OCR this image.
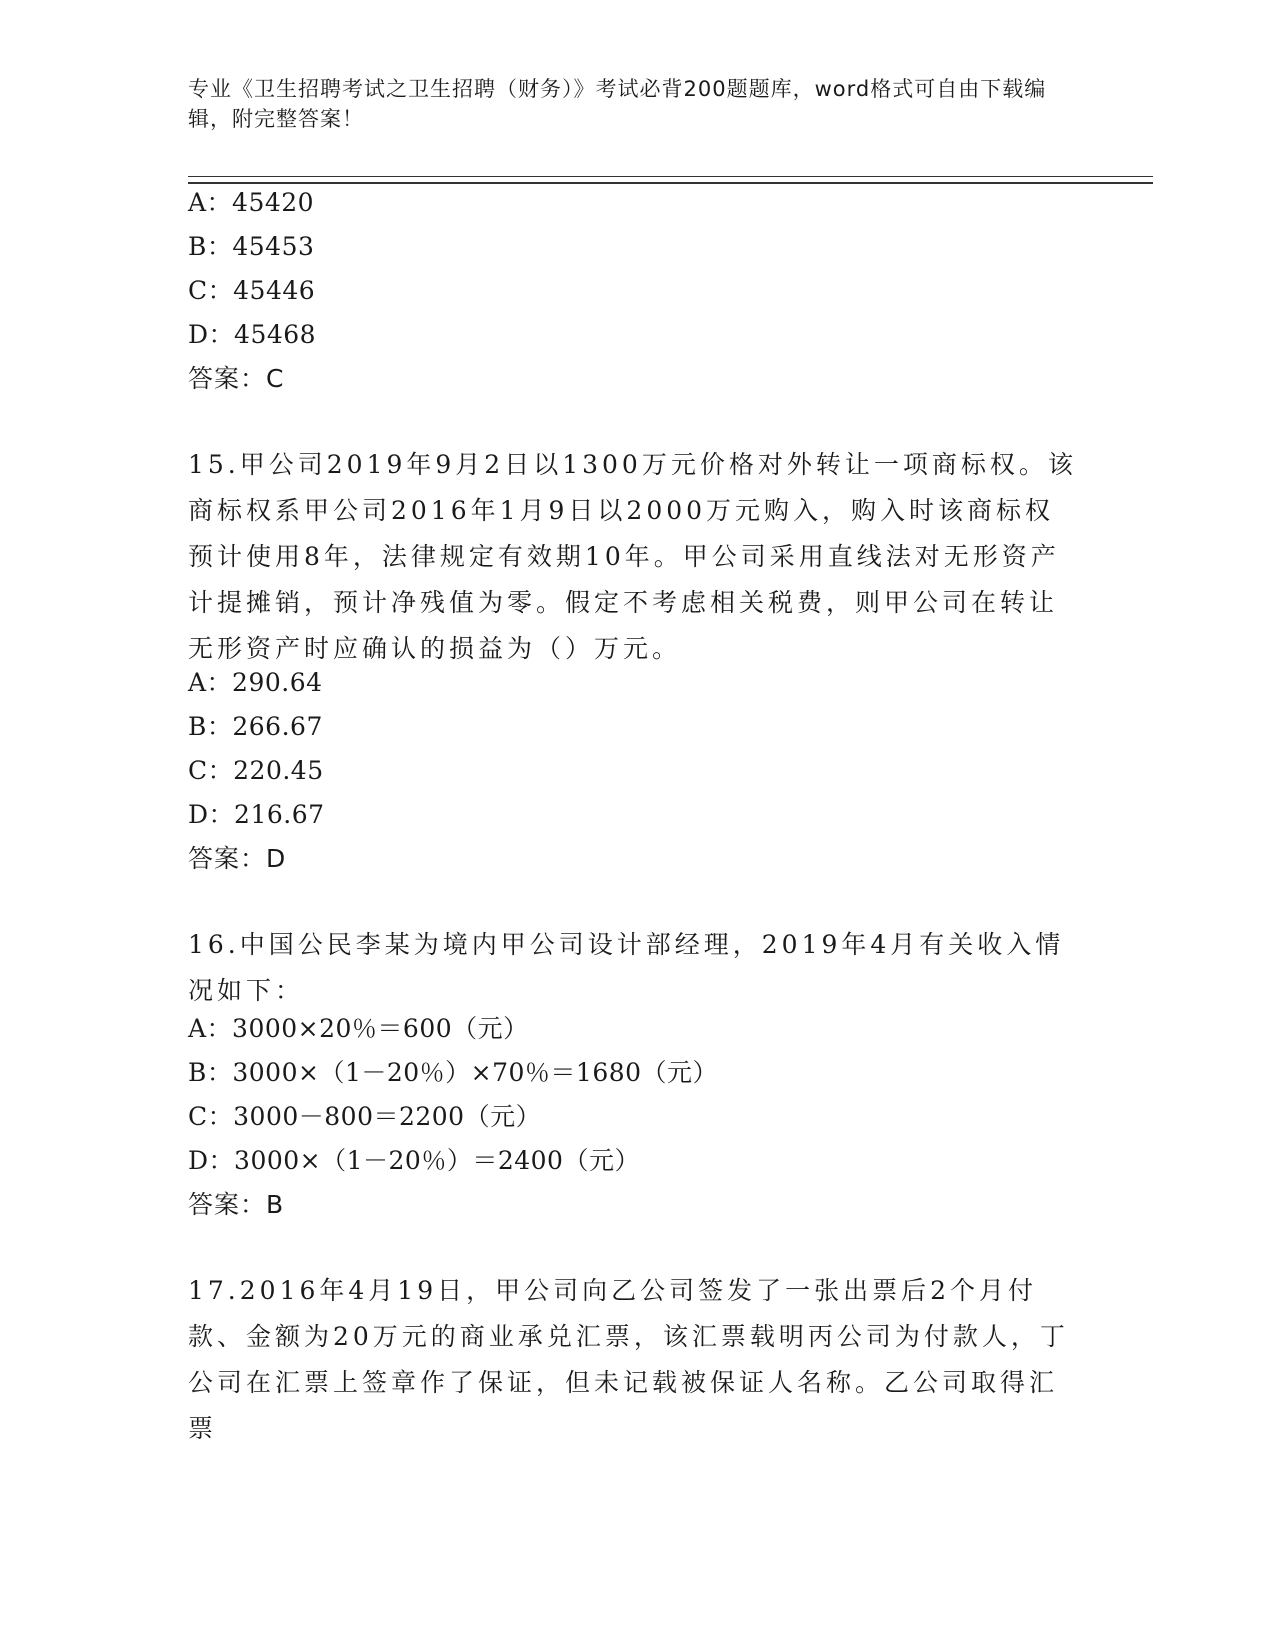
专业《卫生招聘考试之卫生招聘（财务）》考试必背200题题库，word格式可自由下载编辑，附完整答案！
A：45420
B：45453
C：45446
D：45468
答案：C
15.甲公司2019年9月2日以1300万元价格对外转让一项商标权。该商标权系甲公司2016年1月9日以2000万元购入，购入时该商标权预计使用8年，法律规定有效期10年。甲公司采用直线法对无形资产计提摊销，预计净残值为零。假定不考虑相关税费，则甲公司在转让无形资产时应确认的损益为（）万元。
A：290.64
B：266.67
C：220.45
D：216.67
答案：D
16.中国公民李某为境内甲公司设计部经理，2019年4月有关收入情况如下：
A：3000×20％＝600（元）
B：3000×（1－20％）×70％＝1680（元）
C：3000－800＝2200（元）
D：3000×（1－20％）＝2400（元）
答案：B
17.2016年4月19日，甲公司向乙公司签发了一张出票后2个月付款、金额为20万元的商业承兑汇票，该汇票载明丙公司为付款人，丁公司在汇票上签章作了保证，但未记载被保证人名称。乙公司取得汇票
